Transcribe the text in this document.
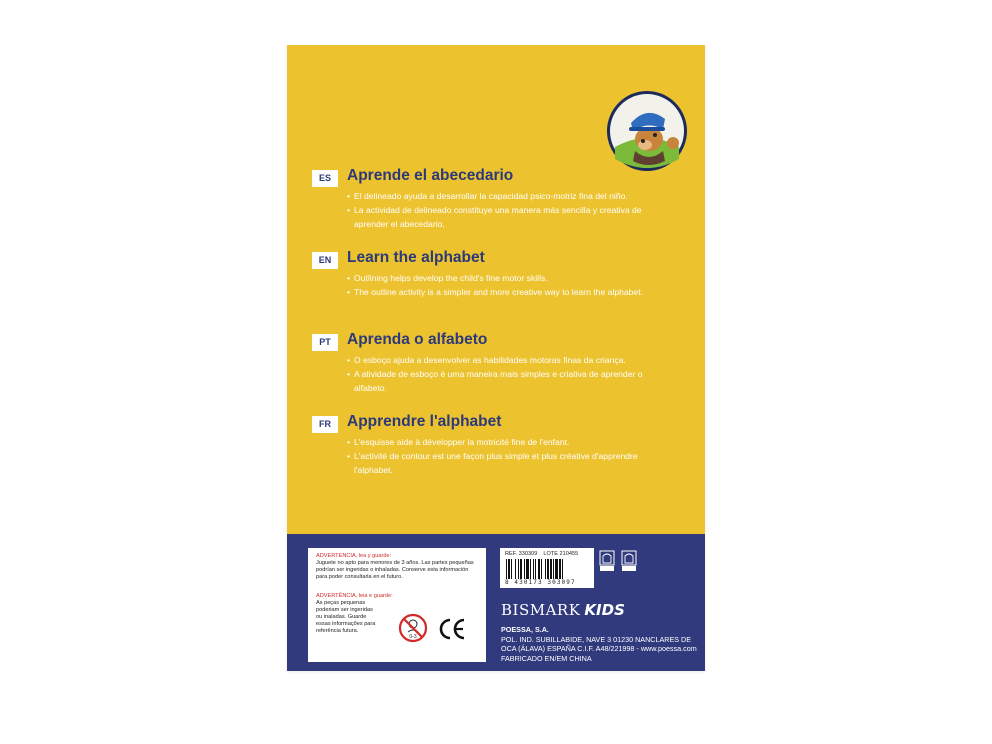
ES	Aprende el abecedario
• El delineado ayuda a desarrollar la capacidad psico-motriz fina del niño.
• La actividad de delineado constituye una manera más sencilla y creativa de aprender el abecedario.
EN	Learn the alphabet
• Outlining helps develop the child's fine motor skills.
• The outline activity is a simpler and more creative way to learn the alphabet.
PT	Aprenda o alfabeto
• O esboço ajuda a desenvolver as habilidades motoras finas da criança.
• A atividade de esboço é uma maneira mais simples e criativa de aprender o alfabeto.
FR	Apprendre l'alphabet
• L'esquisse aide à développer la motricité fine de l'enfant.
• L'activité de contour est une façon plus simple et plus créative d'apprendre l'alphabet.
ADVERTENCIA, lea y guarde:
Juguete no apto para menores de 3 años. Las partes pequeñas podrían ser ingeridas o inhaladas. Conserve esta información para poder consultarla en el futuro.
ADVERTÊNCIA, leia e guarde:
As peças pequenas poderiam ser ingeridas ou inaladas. Guarde essas informações para referência futura.
0-3
REF. 330309 LOTE 210455
8 430173 303097
BISMARK KIDS
POESSA, S.A.
POL. IND. SUBILLABIDE, NAVE 3 01230 NANCLARES DE OCA (ÁLAVA) ESPAÑA C.I.F. A48/221998 - www.poessa.com FABRICADO EN/EM CHINA
